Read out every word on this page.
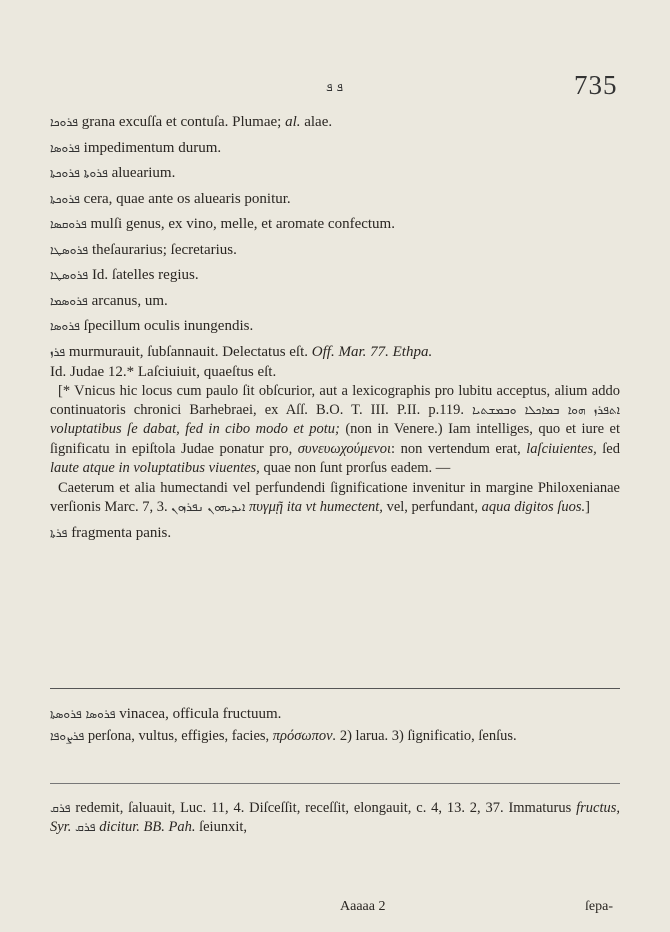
ܦ ܦ	735

ܦܪܘܟܐ grana excuſſa et contuſa. Plumae; al. alae.

ܦܪܘܣܐ impedimentum durum.

ܦܪܘܬܐ ܦܪܘܟܬܐ aluearium.

ܦܪܘܟܬܐ cera, quae ante os aluearis ponitur.

ܦܪܘܩܣܐ mulſi genus, ex vino, melle, et aromate confectum.

ܦܪܘܣܛܐ theſaurarius; ſecretarius.

ܦܪܘܣܛܐ Id. ſatelles regius.

ܦܪܘܣܡܐ arcanus, um.

ܦܪܘܣܐ ſpecillum oculis inungendis.

ܦܪܙ murmurauit, ſubſannauit. Delectatus eſt. Off. Mar. 77. Ethpa.

Id. Judae 12.* Laſciuiuit, quaeſtus eſt.

[* Vnicus hic locus cum paulo ſit obſcurior, aut a lexicographis pro lubitu acceptus, alium addo continuatoris chronici Barhebraei, ex Aſſ. B.O. T. III. P.II. p.119. ܐܬܦܪܙ ܗܘܐ ܒܡܐܟܠܐ ܘܒܡܫܬܝܐ voluptatibus ſe dabat, fed in cibo modo et potu; (non in Venere.) Iam intelliges, quo et iure et ſignificatu in epiſtola Judae ponatur pro, συνευωχούμενοι: non vertendum erat, laſciuientes, ſed laute atque in voluptatibus viuentes, quae non ſunt prorſus eadem. —

Caeterum et alia humectandi vel perfundendi ſignificatione invenitur in margine Philoxenianae verſionis Marc. 7, 3. ܐܝܕܝܗܘܢ ܢܦܪܙܘܢ πυγμῇ ita vt humectent, vel, perfundant, aqua digitos ſuos.]

ܦܪܬܐ fragmenta panis.

ܦܪܘܣܐ ܦܪܘܣܬܐ vinacea, officula fructuum.

ܦܪܨܘܦܐ perſona, vultus, effigies, facies, πρόσωπον. 2) larua. 3) ſignificatio, ſenſus.

ܦܪܩ redemit, ſaluauit, Luc. 11, 4. Diſceſſit, receſſit, elongauit, c. 4, 13. 2, 37. Immaturus fructus, Syr. ܦܪܩ dicitur. BB. Pah. ſeiunxit,

Aaaaa 2	ſepa-
